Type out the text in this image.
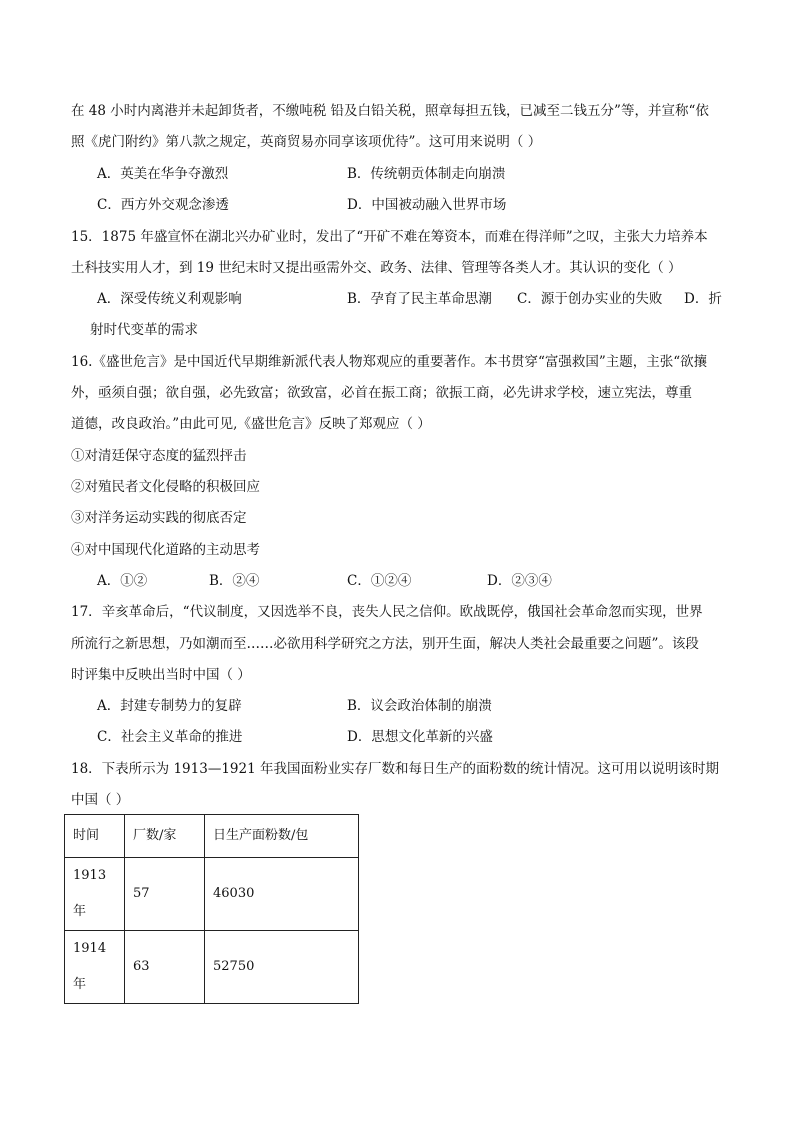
在 48 小时内离港并未起卸货者，不缴吨税 铅及白铅关税，照章每担五钱，已减至二钱五分”等，并宣称“依
照《虎门附约》第八款之规定，英商贸易亦同享该项优待”。这可用来说明（ ）
A．英美在华争夺激烈	B．传统朝贡体制走向崩溃
C．西方外交观念渗透	D．中国被动融入世界市场
15．1875 年盛宣怀在湖北兴办矿业时，发出了“开矿不难在筹资本，而难在得洋师”之叹，主张大力培养本
土科技实用人才，到 19 世纪末时又提出亟需外交、政务、法律、管理等各类人才。其认识的变化（ ）
A．深受传统义利观影响	B．孕育了民主革命思潮 C．源于创办实业的失败 D．折
射时代变革的需求
16.《盛世危言》是中国近代早期维新派代表人物郑观应的重要著作。本书贯穿“富强救国”主题，主张“欲攘
外，亟须自强；欲自强，必先致富；欲致富，必首在振工商；欲振工商，必先讲求学校，速立宪法，尊重
道德，改良政治。”由此可见,《盛世危言》反映了郑观应（ ）
①对清廷保守态度的猛烈抨击
②对殖民者文化侵略的积极回应
③对洋务运动实践的彻底否定
④对中国现代化道路的主动思考
A．①②	B．②④	C．①②④	D．②③④
17．辛亥革命后，“代议制度，又因选举不良，丧失人民之信仰。欧战既停，俄国社会革命忽而实现，世界
所流行之新思想，乃如潮而至……必欲用科学研究之方法，别开生面，解决人类社会最重要之问题”。该段
时评集中反映出当时中国（ ）
A．封建专制势力的复辟	B．议会政治体制的崩溃
C．社会主义革命的推进	D．思想文化革新的兴盛
18．下表所示为 1913—1921 年我国面粉业实存厂数和每日生产的面粉数的统计情况。这可用以说明该时期
中国（ ）
时间	厂数/家	日生产面粉数/包
1913 年	57	46030
1914 年	63	52750
